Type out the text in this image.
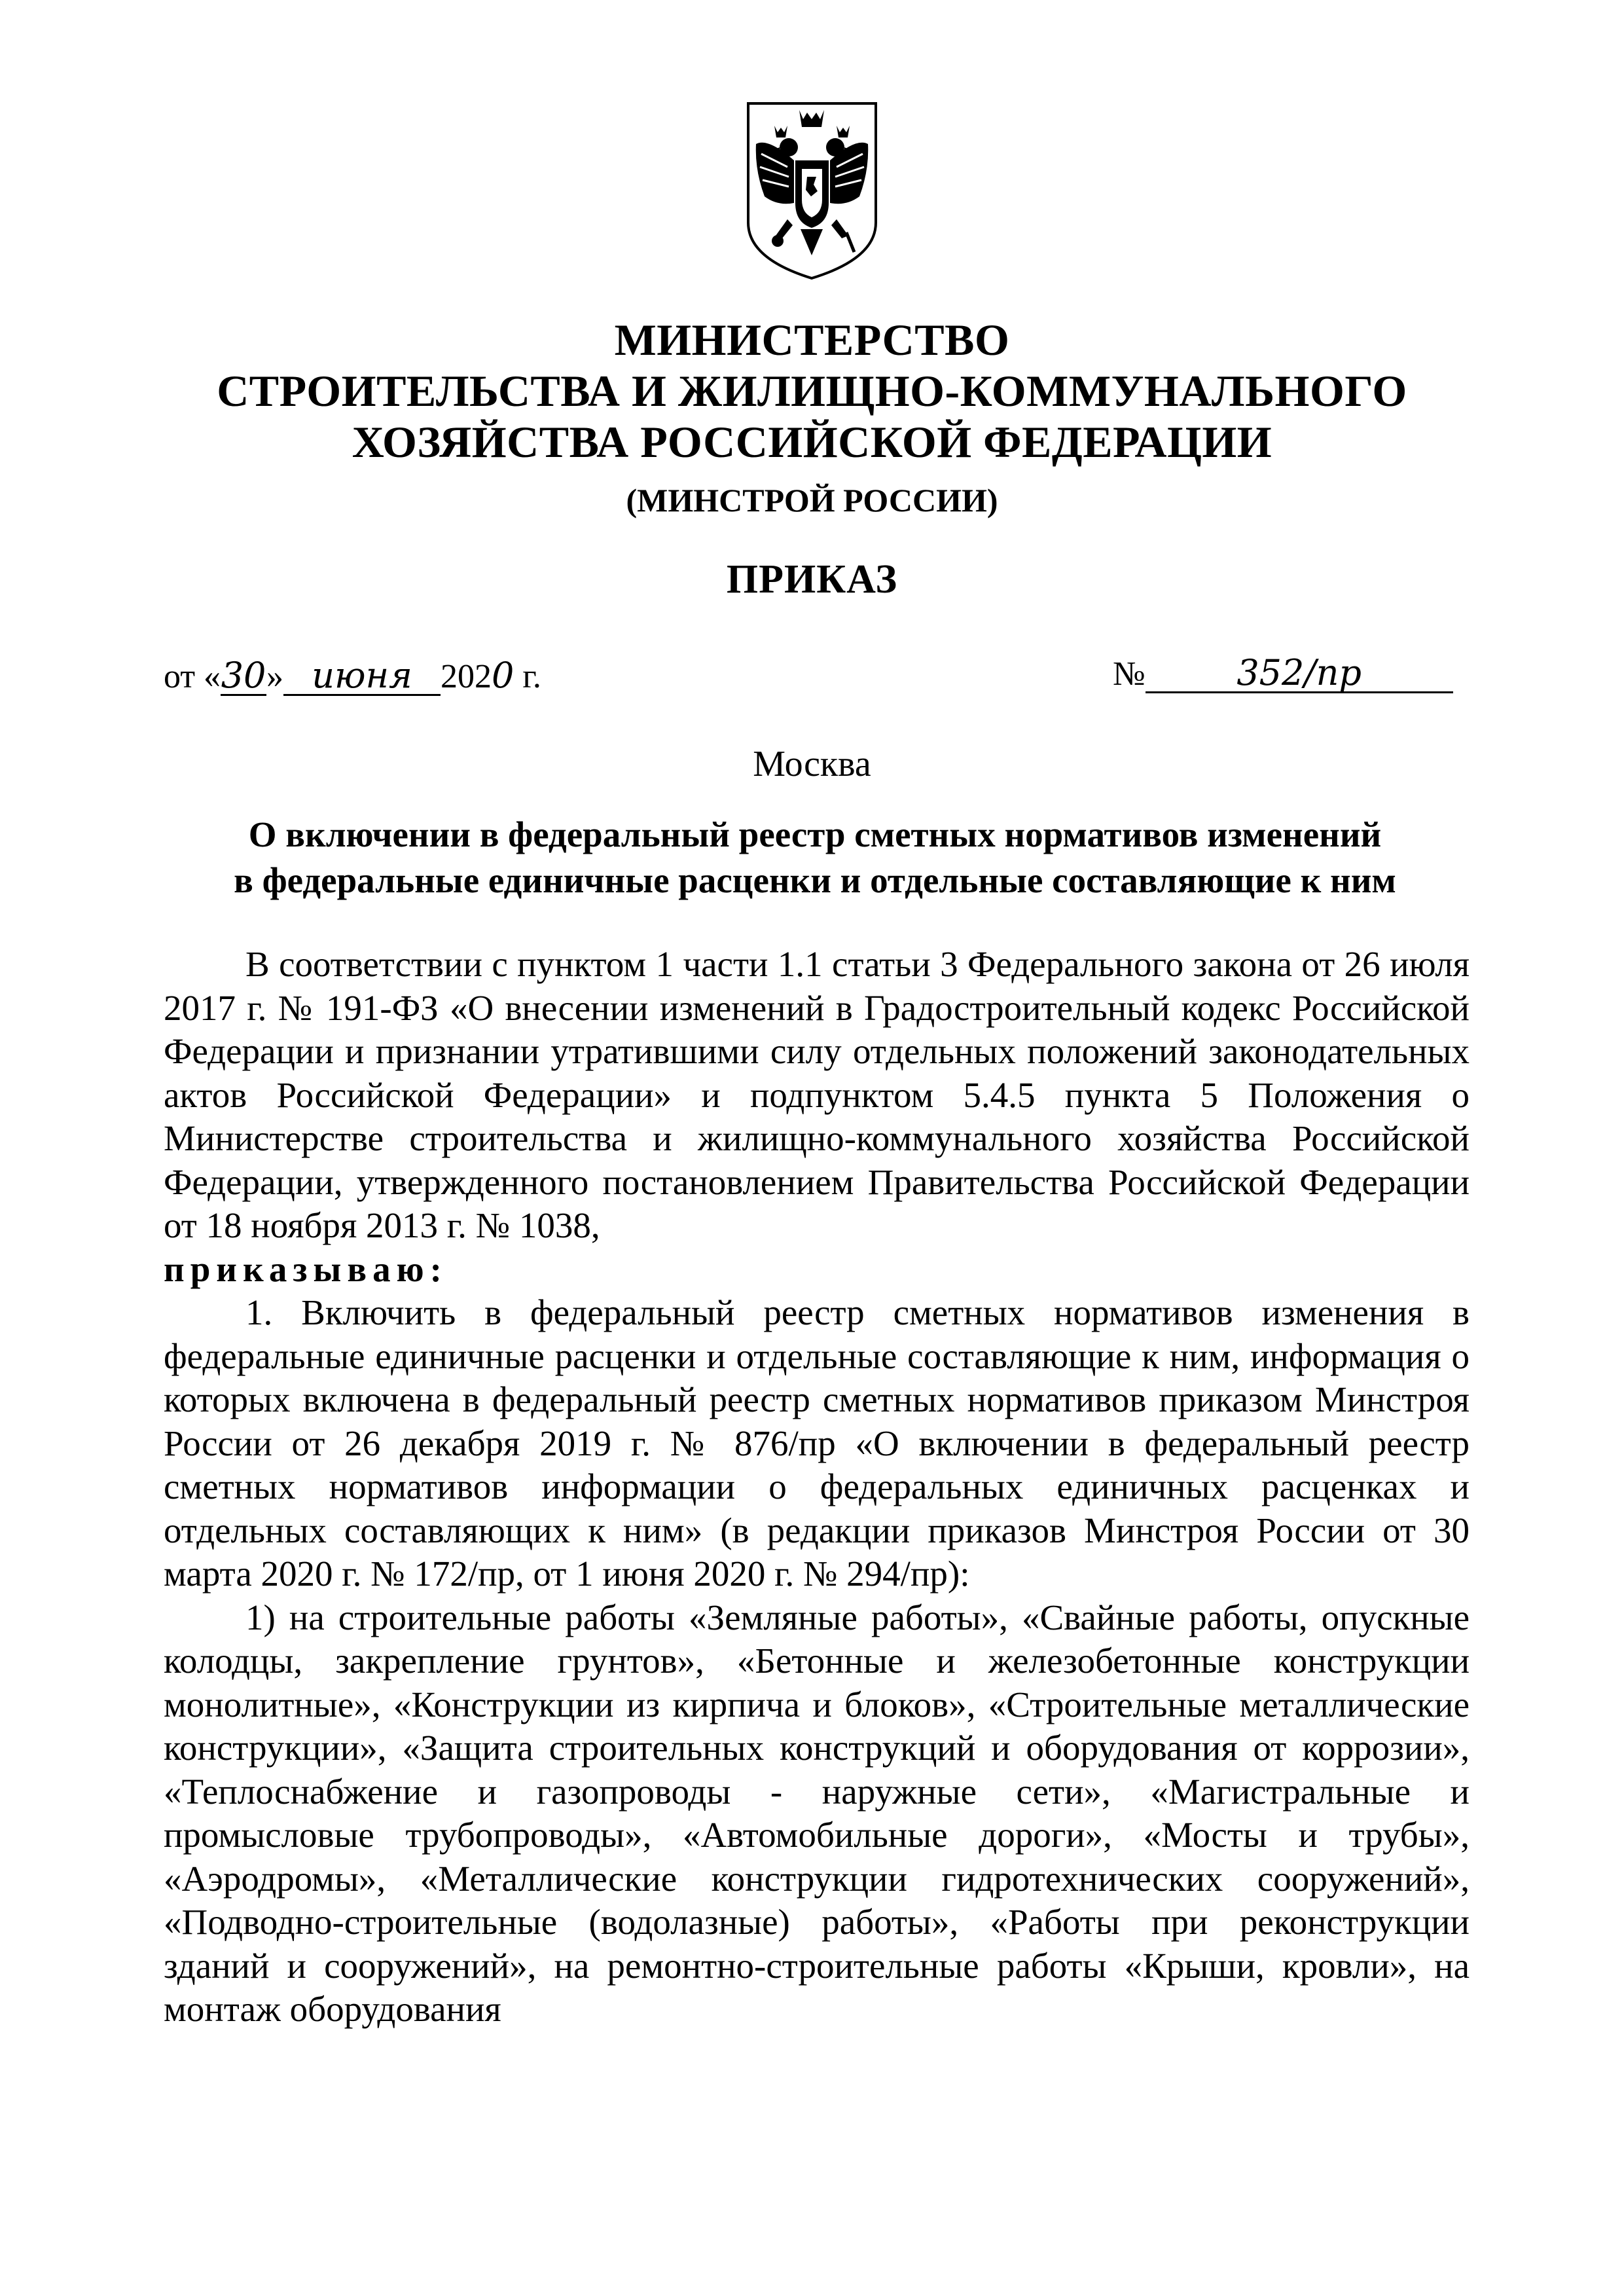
МИНИСТЕРСТВО
СТРОИТЕЛЬСТВА И ЖИЛИЩНО-КОММУНАЛЬНОГО
ХОЗЯЙСТВА РОССИЙСКОЙ ФЕДЕРАЦИИ
(МИНСТРОЙ РОССИИ)
ПРИКАЗ
от «30» июня 2020 г.	№	352/пр
Москва
О включении в федеральный реестр сметных нормативов изменений
в федеральные единичные расценки и отдельные составляющие к ним

В соответствии с пунктом 1 части 1.1 статьи 3 Федерального закона от 26 июля 2017 г. № 191-ФЗ «О внесении изменений в Градостроительный кодекс Российской Федерации и признании утратившими силу отдельных положений законодательных актов Российской Федерации» и подпунктом 5.4.5 пункта 5 Положения о Министерстве строительства и жилищно-коммунального хозяйства Российской Федерации, утвержденного постановлением Правительства Российской Федерации от 18 ноября 2013 г. № 1038,

приказываю:

1. Включить в федеральный реестр сметных нормативов изменения в федеральные единичные расценки и отдельные составляющие к ним, информация о которых включена в федеральный реестр сметных нормативов приказом Минстроя России от 26 декабря 2019 г. № 876/пр «О включении в федеральный реестр сметных нормативов информации о федеральных единичных расценках и отдельных составляющих к ним» (в редакции приказов Минстроя России от 30 марта 2020 г. № 172/пр, от 1 июня 2020 г. № 294/пр):

1) на строительные работы «Земляные работы», «Свайные работы, опускные колодцы, закрепление грунтов», «Бетонные и железобетонные конструкции монолитные», «Конструкции из кирпича и блоков», «Строительные металлические конструкции», «Защита строительных конструкций и оборудования от коррозии», «Теплоснабжение и газопроводы - наружные сети», «Магистральные и промысловые трубопроводы», «Автомобильные дороги», «Мосты и трубы», «Аэродромы», «Металлические конструкции гидротехнических сооружений», «Подводно-строительные (водолазные) работы», «Работы при реконструкции зданий и сооружений», на ремонтно-строительные работы «Крыши, кровли», на монтаж оборудования
